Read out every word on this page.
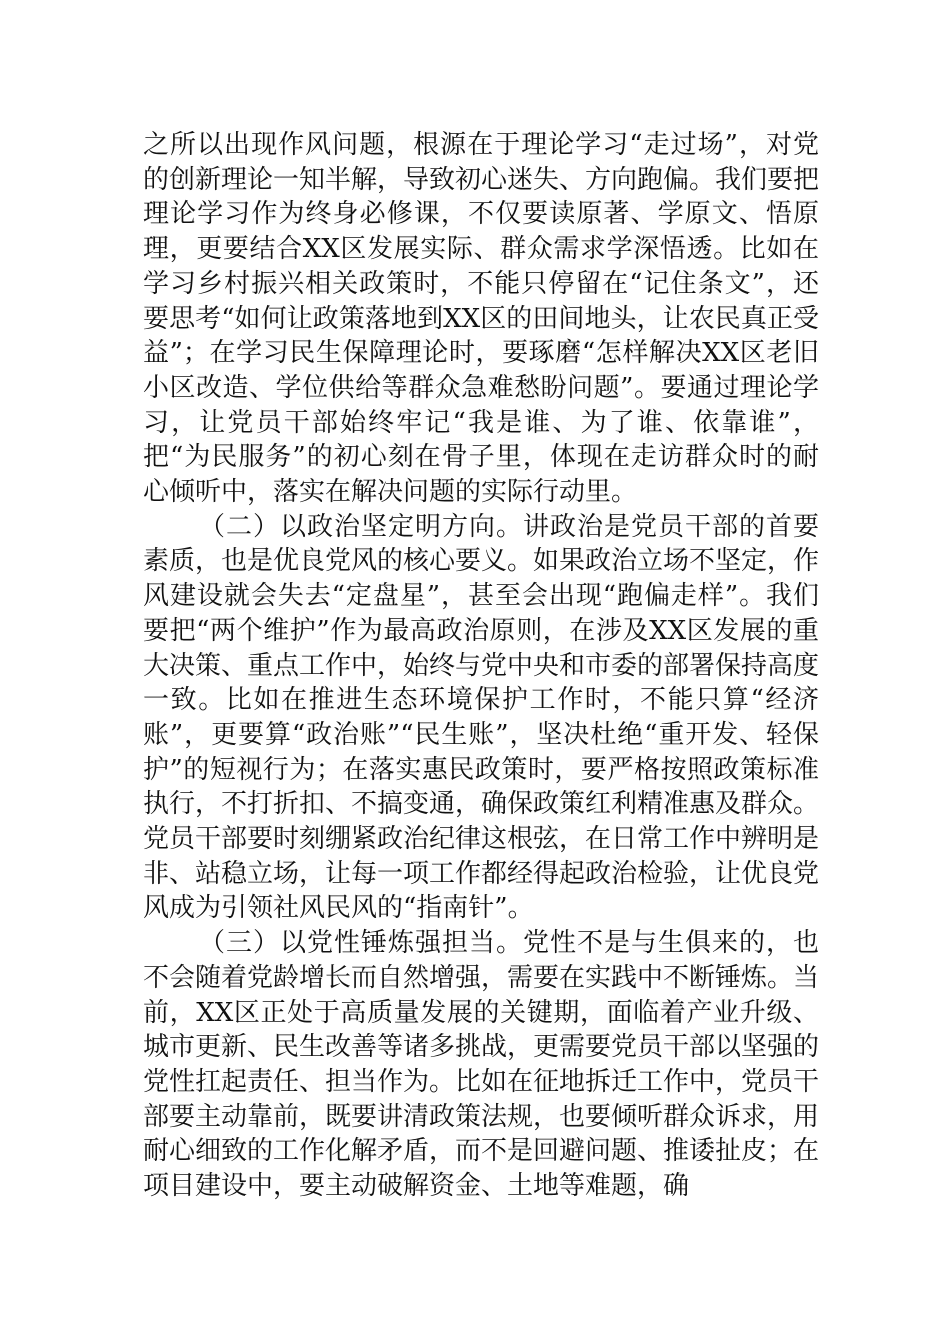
之所以出现作风问题，根源在于理论学习“走过场”，对党的创新理论一知半解，导致初心迷失、方向跑偏。我们要把理论学习作为终身必修课，不仅要读原著、学原文、悟原理，更要结合XX区发展实际、群众需求学深悟透。比如在学习乡村振兴相关政策时，不能只停留在“记住条文”，还要思考“如何让政策落地到XX区的田间地头，让农民真正受益”；在学习民生保障理论时，要琢磨“怎样解决XX区老旧小区改造、学位供给等群众急难愁盼问题”。要通过理论学习，让党员干部始终牢记“我是谁、为了谁、依靠谁”，把“为民服务”的初心刻在骨子里，体现在走访群众时的耐心倾听中，落实在解决问题的实际行动里。

（二）以政治坚定明方向。讲政治是党员干部的首要素质，也是优良党风的核心要义。如果政治立场不坚定，作风建设就会失去“定盘星”，甚至会出现“跑偏走样”。我们要把“两个维护”作为最高政治原则，在涉及XX区发展的重大决策、重点工作中，始终与党中央和市委的部署保持高度一致。比如在推进生态环境保护工作时，不能只算“经济账”，更要算“政治账”“民生账”，坚决杜绝“重开发、轻保护”的短视行为；在落实惠民政策时，要严格按照政策标准执行，不打折扣、不搞变通，确保政策红利精准惠及群众。党员干部要时刻绷紧政治纪律这根弦，在日常工作中辨明是非、站稳立场，让每一项工作都经得起政治检验，让优良党风成为引领社风民风的“指南针”。

（三）以党性锤炼强担当。党性不是与生俱来的，也不会随着党龄增长而自然增强，需要在实践中不断锤炼。当前，XX区正处于高质量发展的关键期，面临着产业升级、城市更新、民生改善等诸多挑战，更需要党员干部以坚强的党性扛起责任、担当作为。比如在征地拆迁工作中，党员干部要主动靠前，既要讲清政策法规，也要倾听群众诉求，用耐心细致的工作化解矛盾，而不是回避问题、推诿扯皮；在项目建设中，要主动破解资金、土地等难题，确
